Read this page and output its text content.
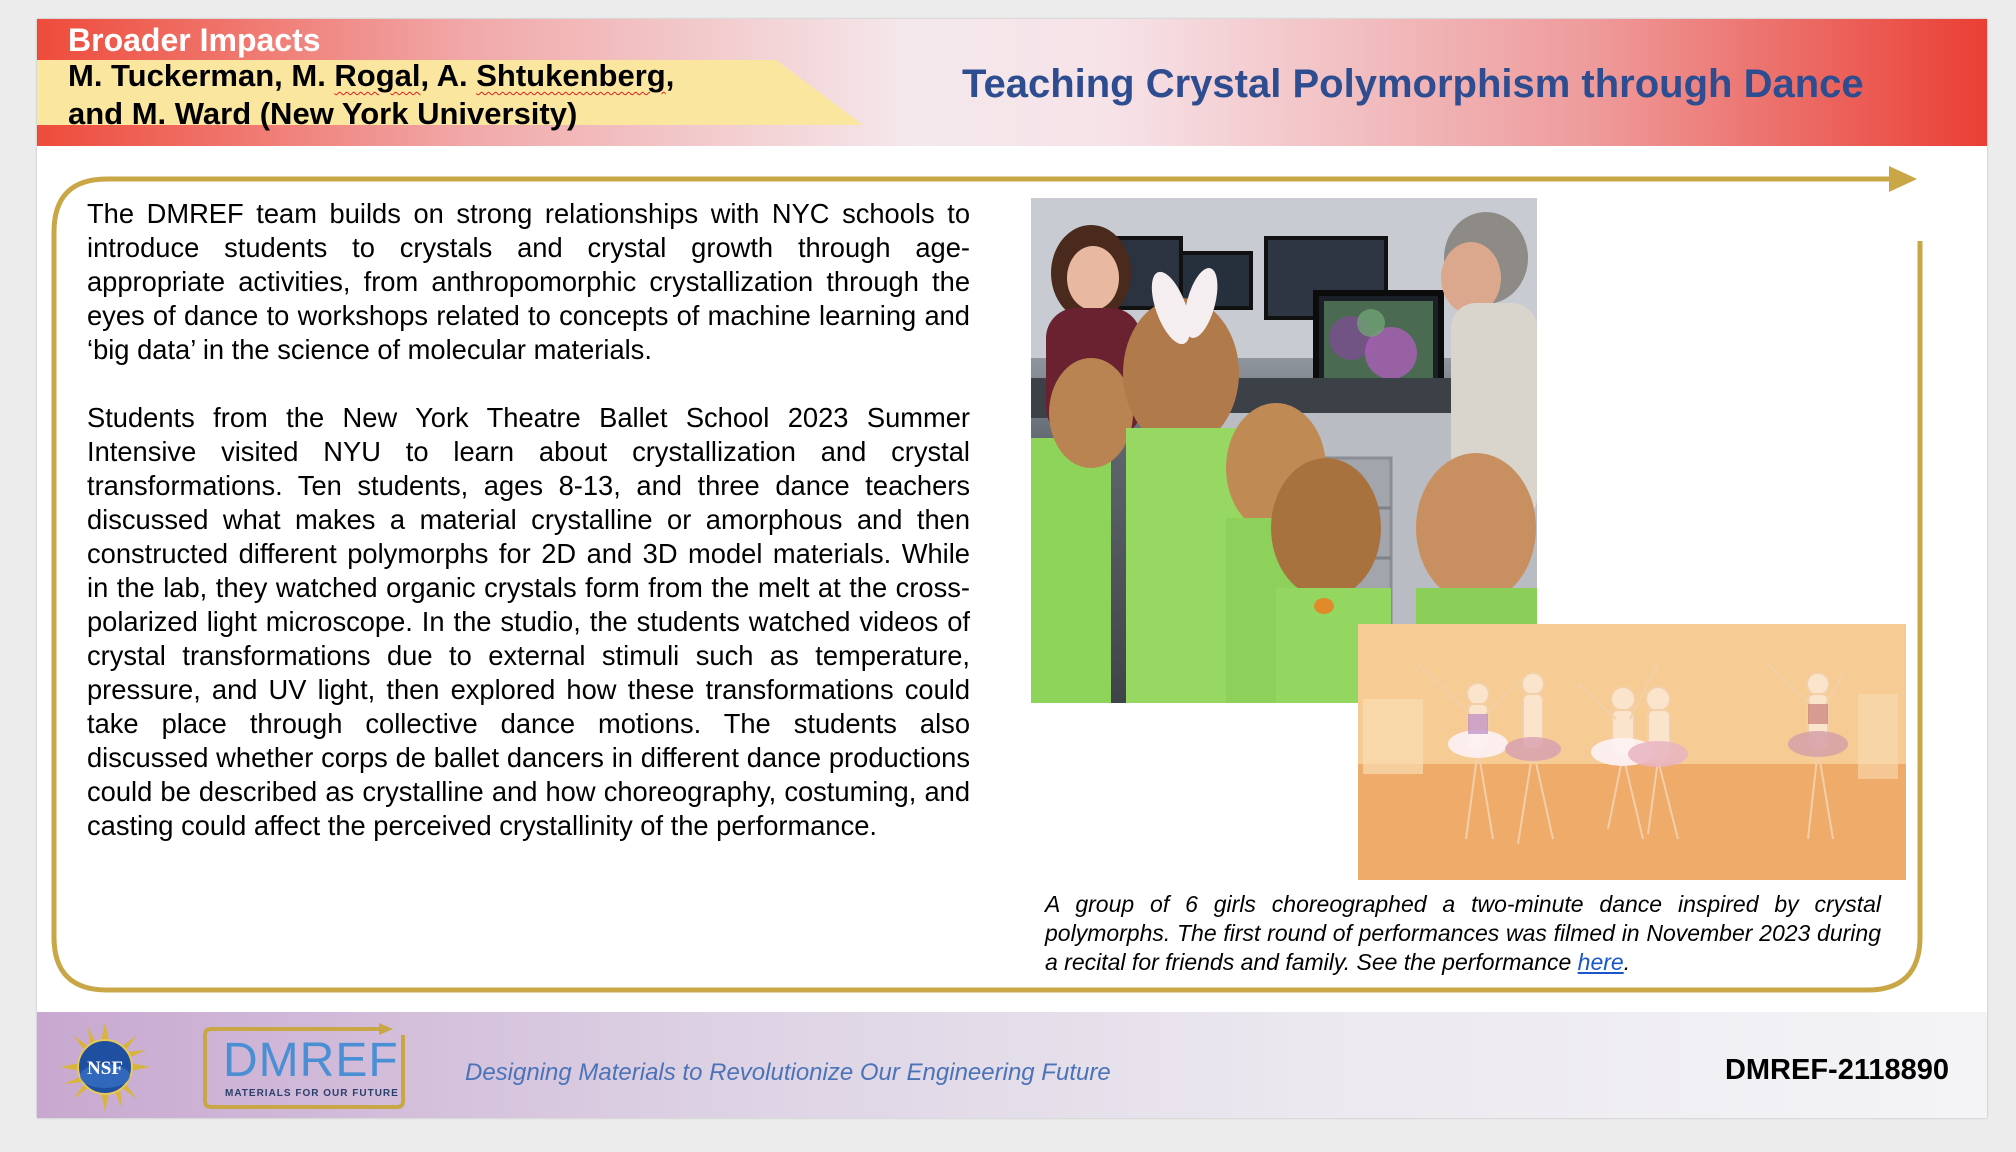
Broader Impacts
M. Tuckerman, M. Rogal, A. Shtukenberg,
and M. Ward (New York University)
Teaching Crystal Polymorphism through Dance

The DMREF team builds on strong relationships with NYC schools to introduce students to crystals and crystal growth through age-appropriate activities, from anthropomorphic crystallization through the eyes of dance to workshops related to concepts of machine learning and ‘big data’ in the science of molecular materials.

Students from the New York Theatre Ballet School 2023 Summer Intensive visited NYU to learn about crystallization and crystal transformations. Ten students, ages 8-13, and three dance teachers discussed what makes a material crystalline or amorphous and then constructed different polymorphs for 2D and 3D model materials. While in the lab, they watched organic crystals form from the melt at the cross-polarized light microscope. In the studio, the students watched videos of crystal transformations due to external stimuli such as temperature, pressure, and UV light, then explored how these transformations could take place through collective dance motions. The students also discussed whether corps de ballet dancers in different dance productions could be described as crystalline and how choreography, costuming, and casting could affect the perceived crystallinity of the performance.

A group of 6 girls choreographed a two-minute dance inspired by crystal polymorphs. The first round of performances was filmed in November 2023 during a recital for friends and family. See the performance here.

NSF DMREF
MATERIALS FOR OUR FUTURE
Designing Materials to Revolutionize Our Engineering Future	DMREF-2118890
